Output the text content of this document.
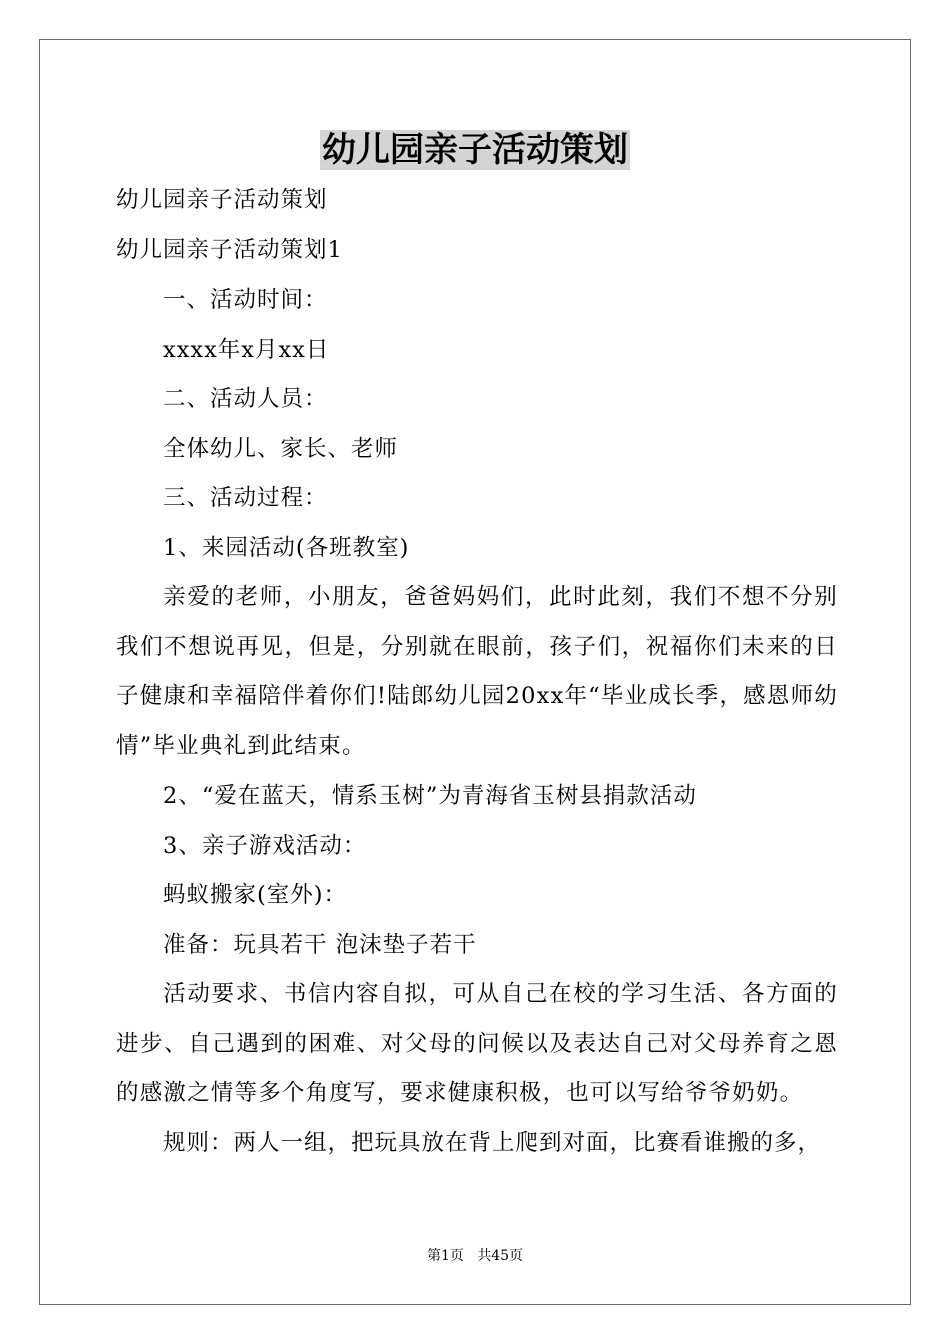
幼儿园亲子活动策划
幼儿园亲子活动策划
幼儿园亲子活动策划1
一、活动时间：
xxxx年x月xx日
二、活动人员：
全体幼儿、家长、老师
三、活动过程：
1、来园活动(各班教室)
亲爱的老师，小朋友，爸爸妈妈们，此时此刻，我们不想不分别我们不想说再见，但是，分别就在眼前，孩子们，祝福你们未来的日子健康和幸福陪伴着你们!陆郎幼儿园20xx年“毕业成长季，感恩师幼情”毕业典礼到此结束。
2、“爱在蓝天，情系玉树”为青海省玉树县捐款活动
3、亲子游戏活动：
蚂蚁搬家(室外)：
准备：玩具若干 泡沫垫子若干
活动要求、书信内容自拟，可从自己在校的学习生活、各方面的进步、自己遇到的困难、对父母的问候以及表达自己对父母养育之恩的感激之情等多个角度写，要求健康积极，也可以写给爷爷奶奶。
规则：两人一组，把玩具放在背上爬到对面，比赛看谁搬的多，
第1页   共45页
